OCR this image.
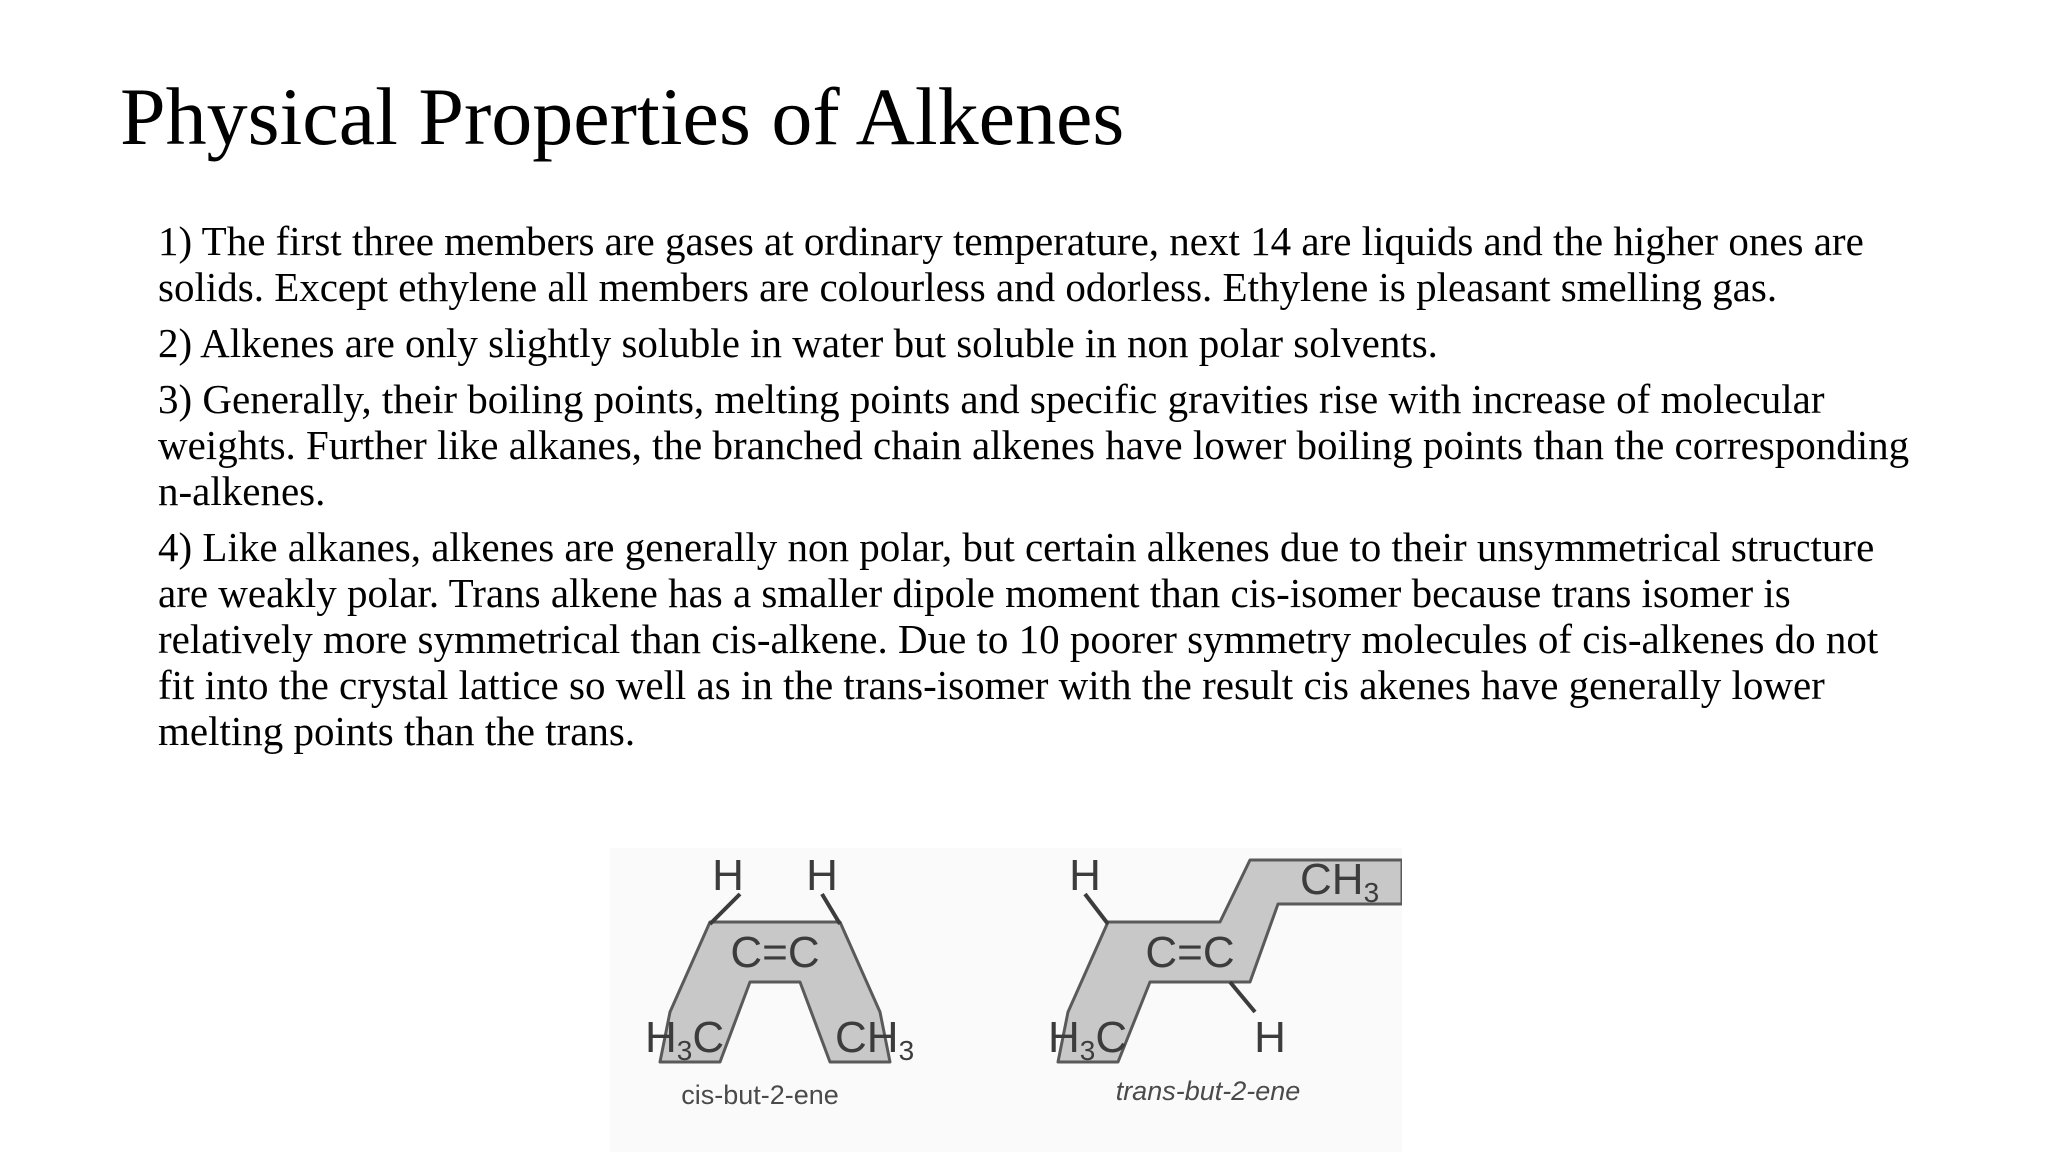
Physical Properties of Alkenes

1) The first three members are gases at ordinary temperature, next 14 are liquids and the higher ones are solids. Except ethylene all members are colourless and odorless. Ethylene is pleasant smelling gas.

2) Alkenes are only slightly soluble in water but soluble in non polar solvents.

3) Generally, their boiling points, melting points and specific gravities rise with increase of molecular weights. Further like alkanes, the branched chain alkenes have lower boiling points than the corresponding n-alkenes.

4) Like alkanes, alkenes are generally non polar, but certain alkenes due to their unsymmetrical structure are weakly polar. Trans alkene has a smaller dipole moment than cis-isomer because trans isomer is relatively more symmetrical than cis-alkene. Due to 10 poorer symmetry molecules of cis-alkenes do not fit into the crystal lattice so well as in the trans-isomer with the result cis akenes have generally lower melting points than the trans.

H H
C=C
H3C	CH3
cis-but-2-ene
H	CH3
C=C
H3C	H
trans-but-2-ene
